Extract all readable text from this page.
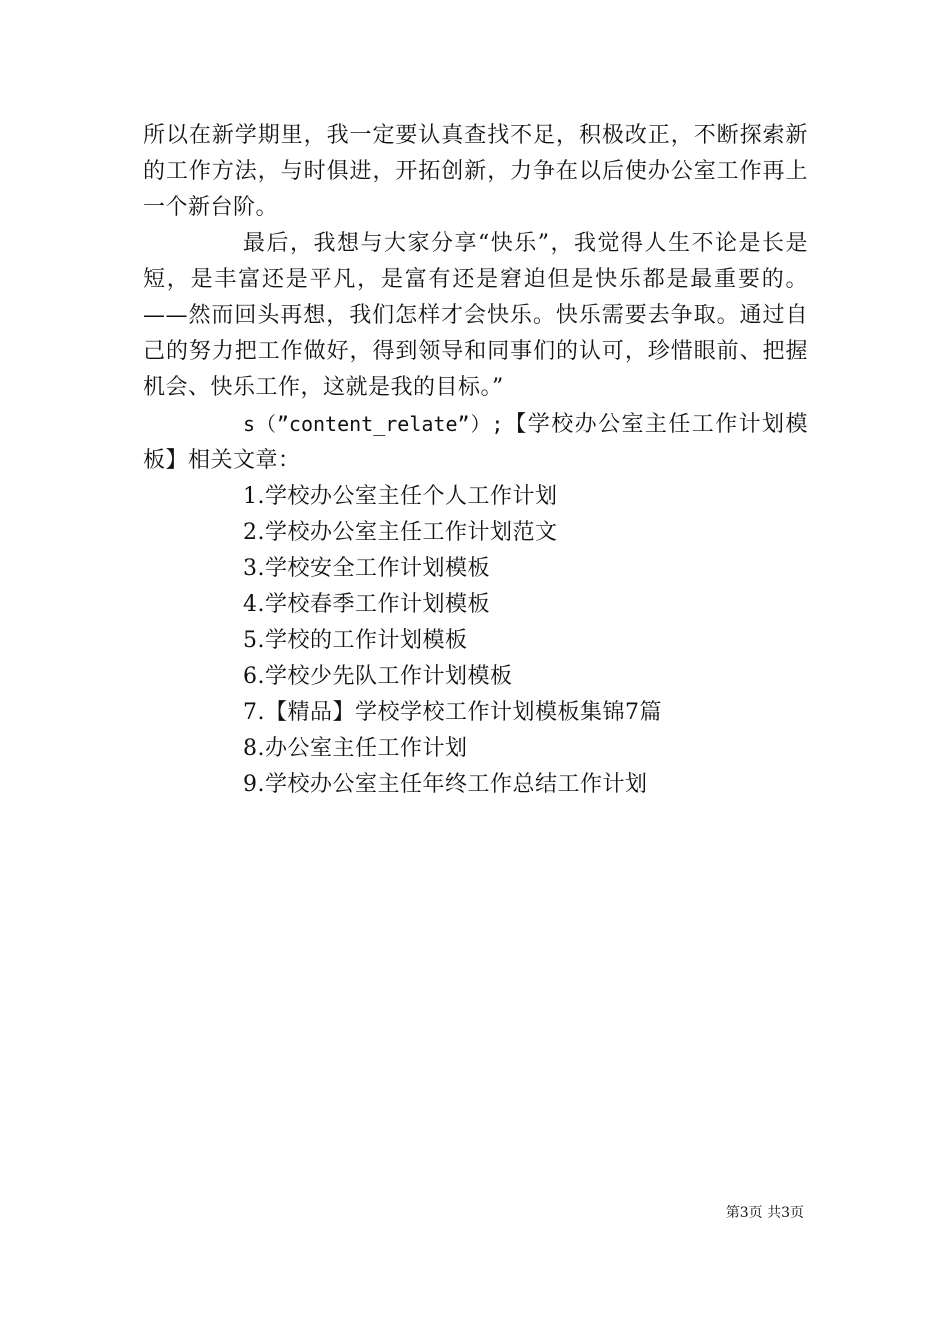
所以在新学期里，我一定要认真查找不足，积极改正，不断探索新的工作方法，与时俱进，开拓创新，力争在以后使办公室工作再上一个新台阶。

最后，我想与大家分享“快乐”，我觉得人生不论是长是短，是丰富还是平凡，是富有还是窘迫但是快乐都是最重要的。——然而回头再想，我们怎样才会快乐。快乐需要去争取。通过自己的努力把工作做好，得到领导和同事们的认可，珍惜眼前、把握机会、快乐工作，这就是我的目标。”

s（”content_relate”）;【学校办公室主任工作计划模板】相关文章：

1.学校办公室主任个人工作计划
2.学校办公室主任工作计划范文
3.学校安全工作计划模板
4.学校春季工作计划模板
5.学校的工作计划模板
6.学校少先队工作计划模板
7.【精品】学校学校工作计划模板集锦7篇
8.办公室主任工作计划
9.学校办公室主任年终工作总结工作计划
第3页 共3页
